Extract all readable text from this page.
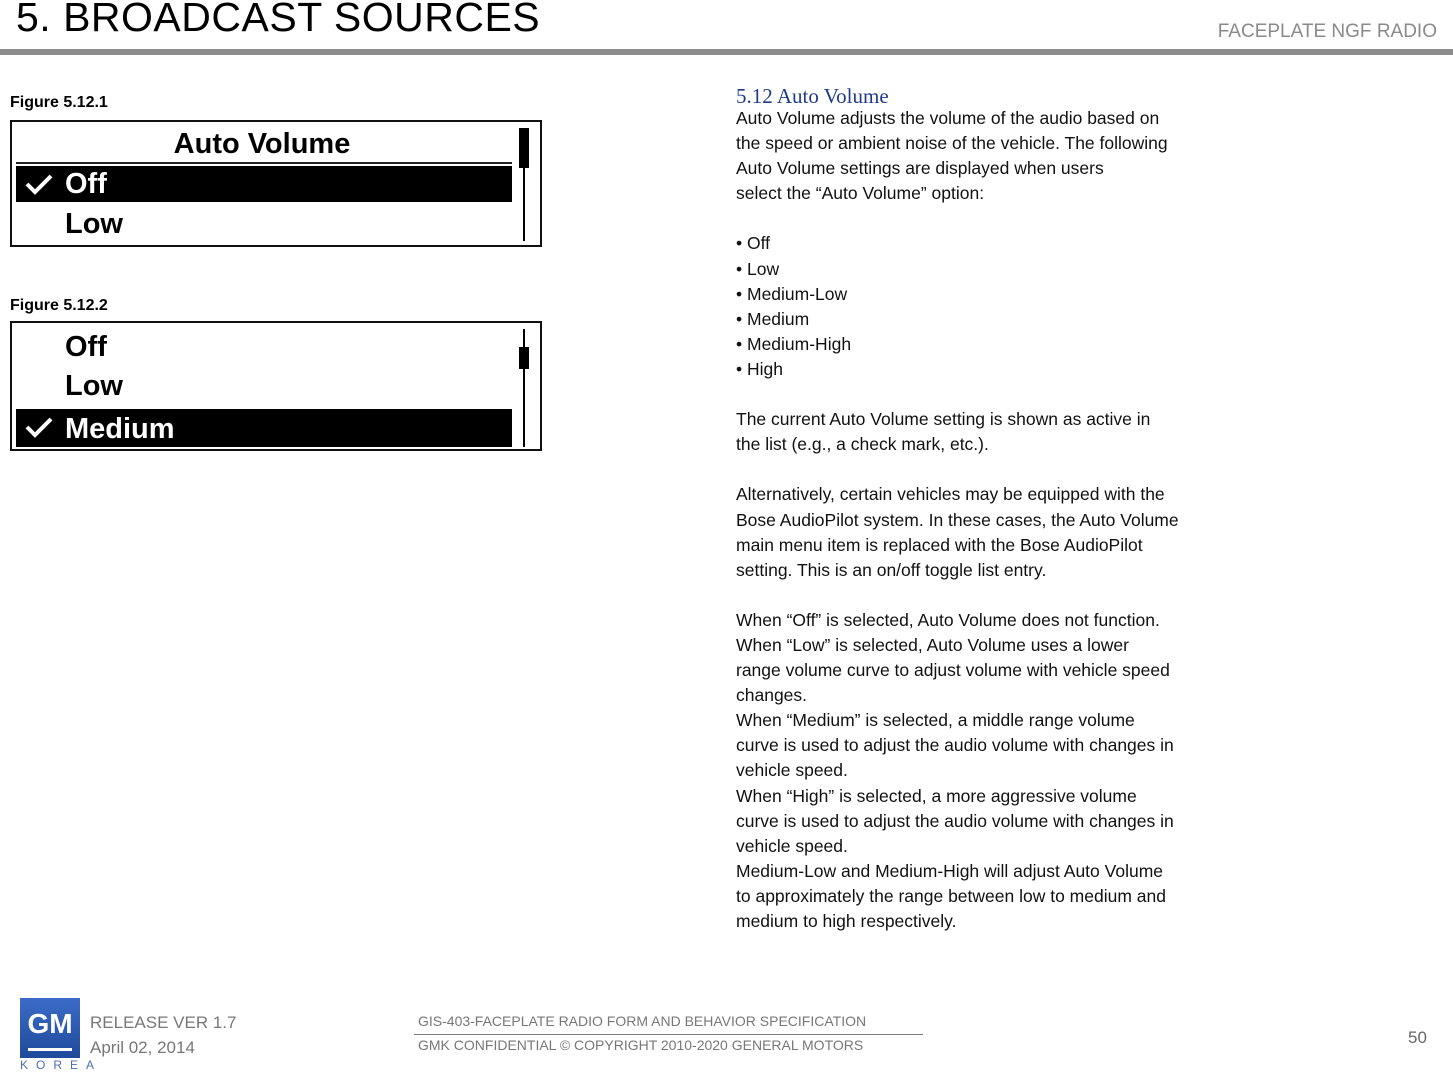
5. BROADCAST SOURCES	FACEPLATE NGF RADIO
Figure 5.12.1
Auto Volume
Off
Low
Figure 5.12.2
Off
Low
Medium
5.12 Auto Volume

Auto Volume adjusts the volume of the audio based on

the speed or ambient noise of the vehicle. The following

Auto Volume settings are displayed when users

select the “Auto Volume” option:

• Off

• Low

• Medium-Low

• Medium

• Medium-High

• High

The current Auto Volume setting is shown as active in

the list (e.g., a check mark, etc.).

Alternatively, certain vehicles may be equipped with the

Bose AudioPilot system. In these cases, the Auto Volume

main menu item is replaced with the Bose AudioPilot

setting. This is an on/off toggle list entry.

When “Off” is selected, Auto Volume does not function.

When “Low” is selected, Auto Volume uses a lower

range volume curve to adjust volume with vehicle speed

changes.

When “Medium” is selected, a middle range volume

curve is used to adjust the audio volume with changes in

vehicle speed.

When “High” is selected, a more aggressive volume

curve is used to adjust the audio volume with changes in

vehicle speed.

Medium-Low and Medium-High will adjust Auto Volume

to approximately the range between low to medium and

medium to high respectively.

GM
KOREA
RELEASE VER 1.7
April 02, 2014
GIS-403-FACEPLATE RADIO FORM AND BEHAVIOR SPECIFICATION
GMK CONFIDENTIAL © COPYRIGHT 2010-2020 GENERAL MOTORS	50
